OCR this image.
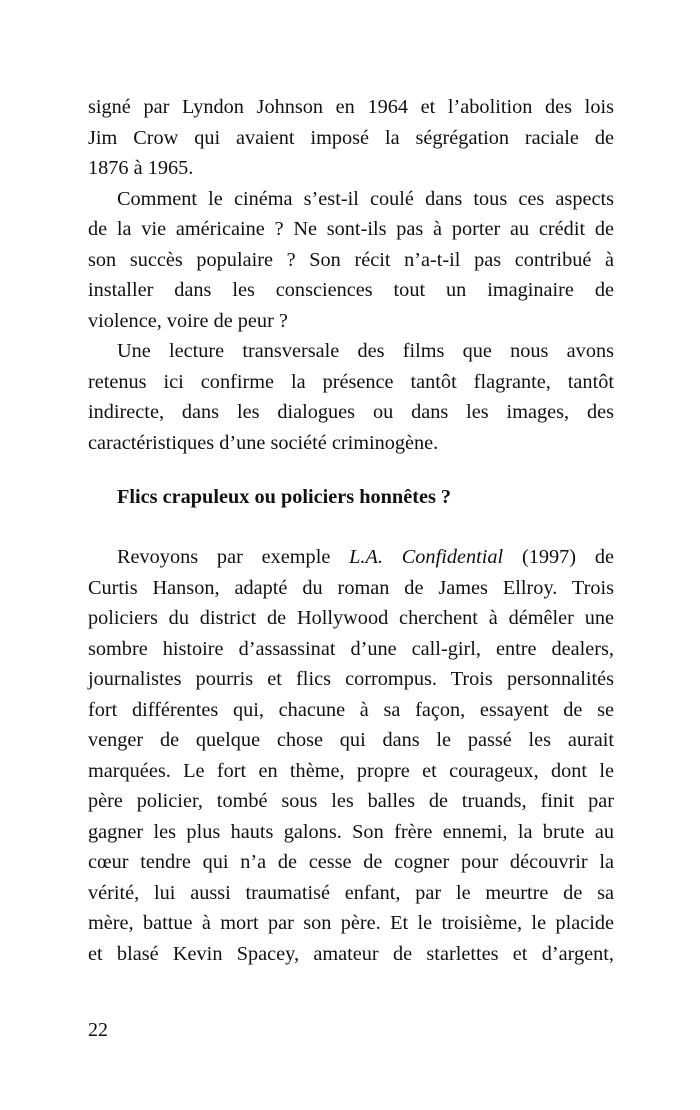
signé par Lyndon Johnson en 1964 et l’abolition des lois
Jim Crow qui avaient imposé la ségrégation raciale de
1876 à 1965.
Comment le cinéma s’est-il coulé dans tous ces aspects
de la vie américaine ? Ne sont-ils pas à porter au crédit de
son succès populaire ? Son récit n’a-t-il pas contribué à
installer dans les consciences tout un imaginaire de
violence, voire de peur ?
Une lecture transversale des films que nous avons
retenus ici confirme la présence tantôt flagrante, tantôt
indirecte, dans les dialogues ou dans les images, des
caractéristiques d’une société criminogène.
Flics crapuleux ou policiers honnêtes ?
Revoyons par exemple L.A. Confidential (1997) de
Curtis Hanson, adapté du roman de James Ellroy. Trois
policiers du district de Hollywood cherchent à démêler une
sombre histoire d’assassinat d’une call-girl, entre dealers,
journalistes pourris et flics corrompus. Trois personnalités
fort différentes qui, chacune à sa façon, essayent de se
venger de quelque chose qui dans le passé les aurait
marquées. Le fort en thème, propre et courageux, dont le
père policier, tombé sous les balles de truands, finit par
gagner les plus hauts galons. Son frère ennemi, la brute au
cœur tendre qui n’a de cesse de cogner pour découvrir la
vérité, lui aussi traumatisé enfant, par le meurtre de sa
mère, battue à mort par son père. Et le troisième, le placide
et blasé Kevin Spacey, amateur de starlettes et d’argent,
22
